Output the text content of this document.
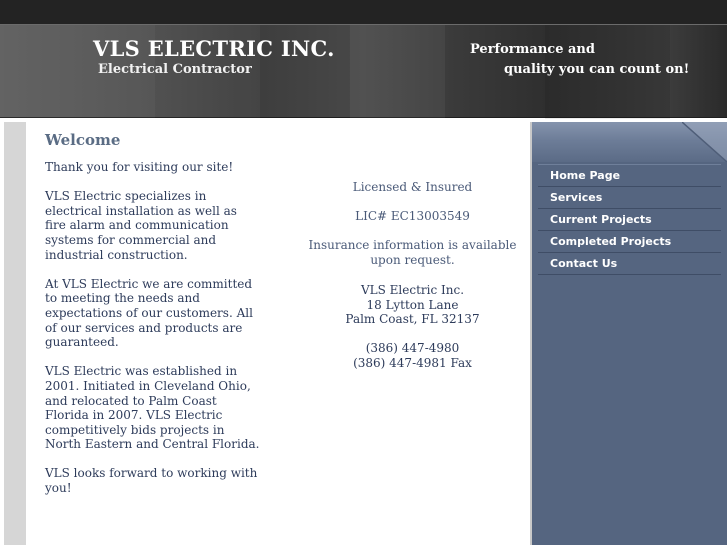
VLS ELECTRIC INC.
Electrical Contractor
Performance and
quality you can count on!
Welcome

Thank you for visiting our site!

VLS Electric specializes in electrical installation as well as fire alarm and communication systems for commercial and industrial construction.

At VLS Electric we are committed to meeting the needs and expectations of our customers. All of our services and products are guaranteed.

VLS Electric was established in 2001. Initiated in Cleveland Ohio, and relocated to Palm Coast Florida in 2007. VLS Electric competitively bids projects in North Eastern and Central Florida.

VLS looks forward to working with you!

Licensed & Insured

LIC# EC13003549

Insurance information is available upon request.

VLS Electric Inc.
18 Lytton Lane
Palm Coast, FL 32137
(386) 447-4980
(386) 447-4981 Fax
Home Page
Services
Current Projects
Completed Projects
Contact Us
